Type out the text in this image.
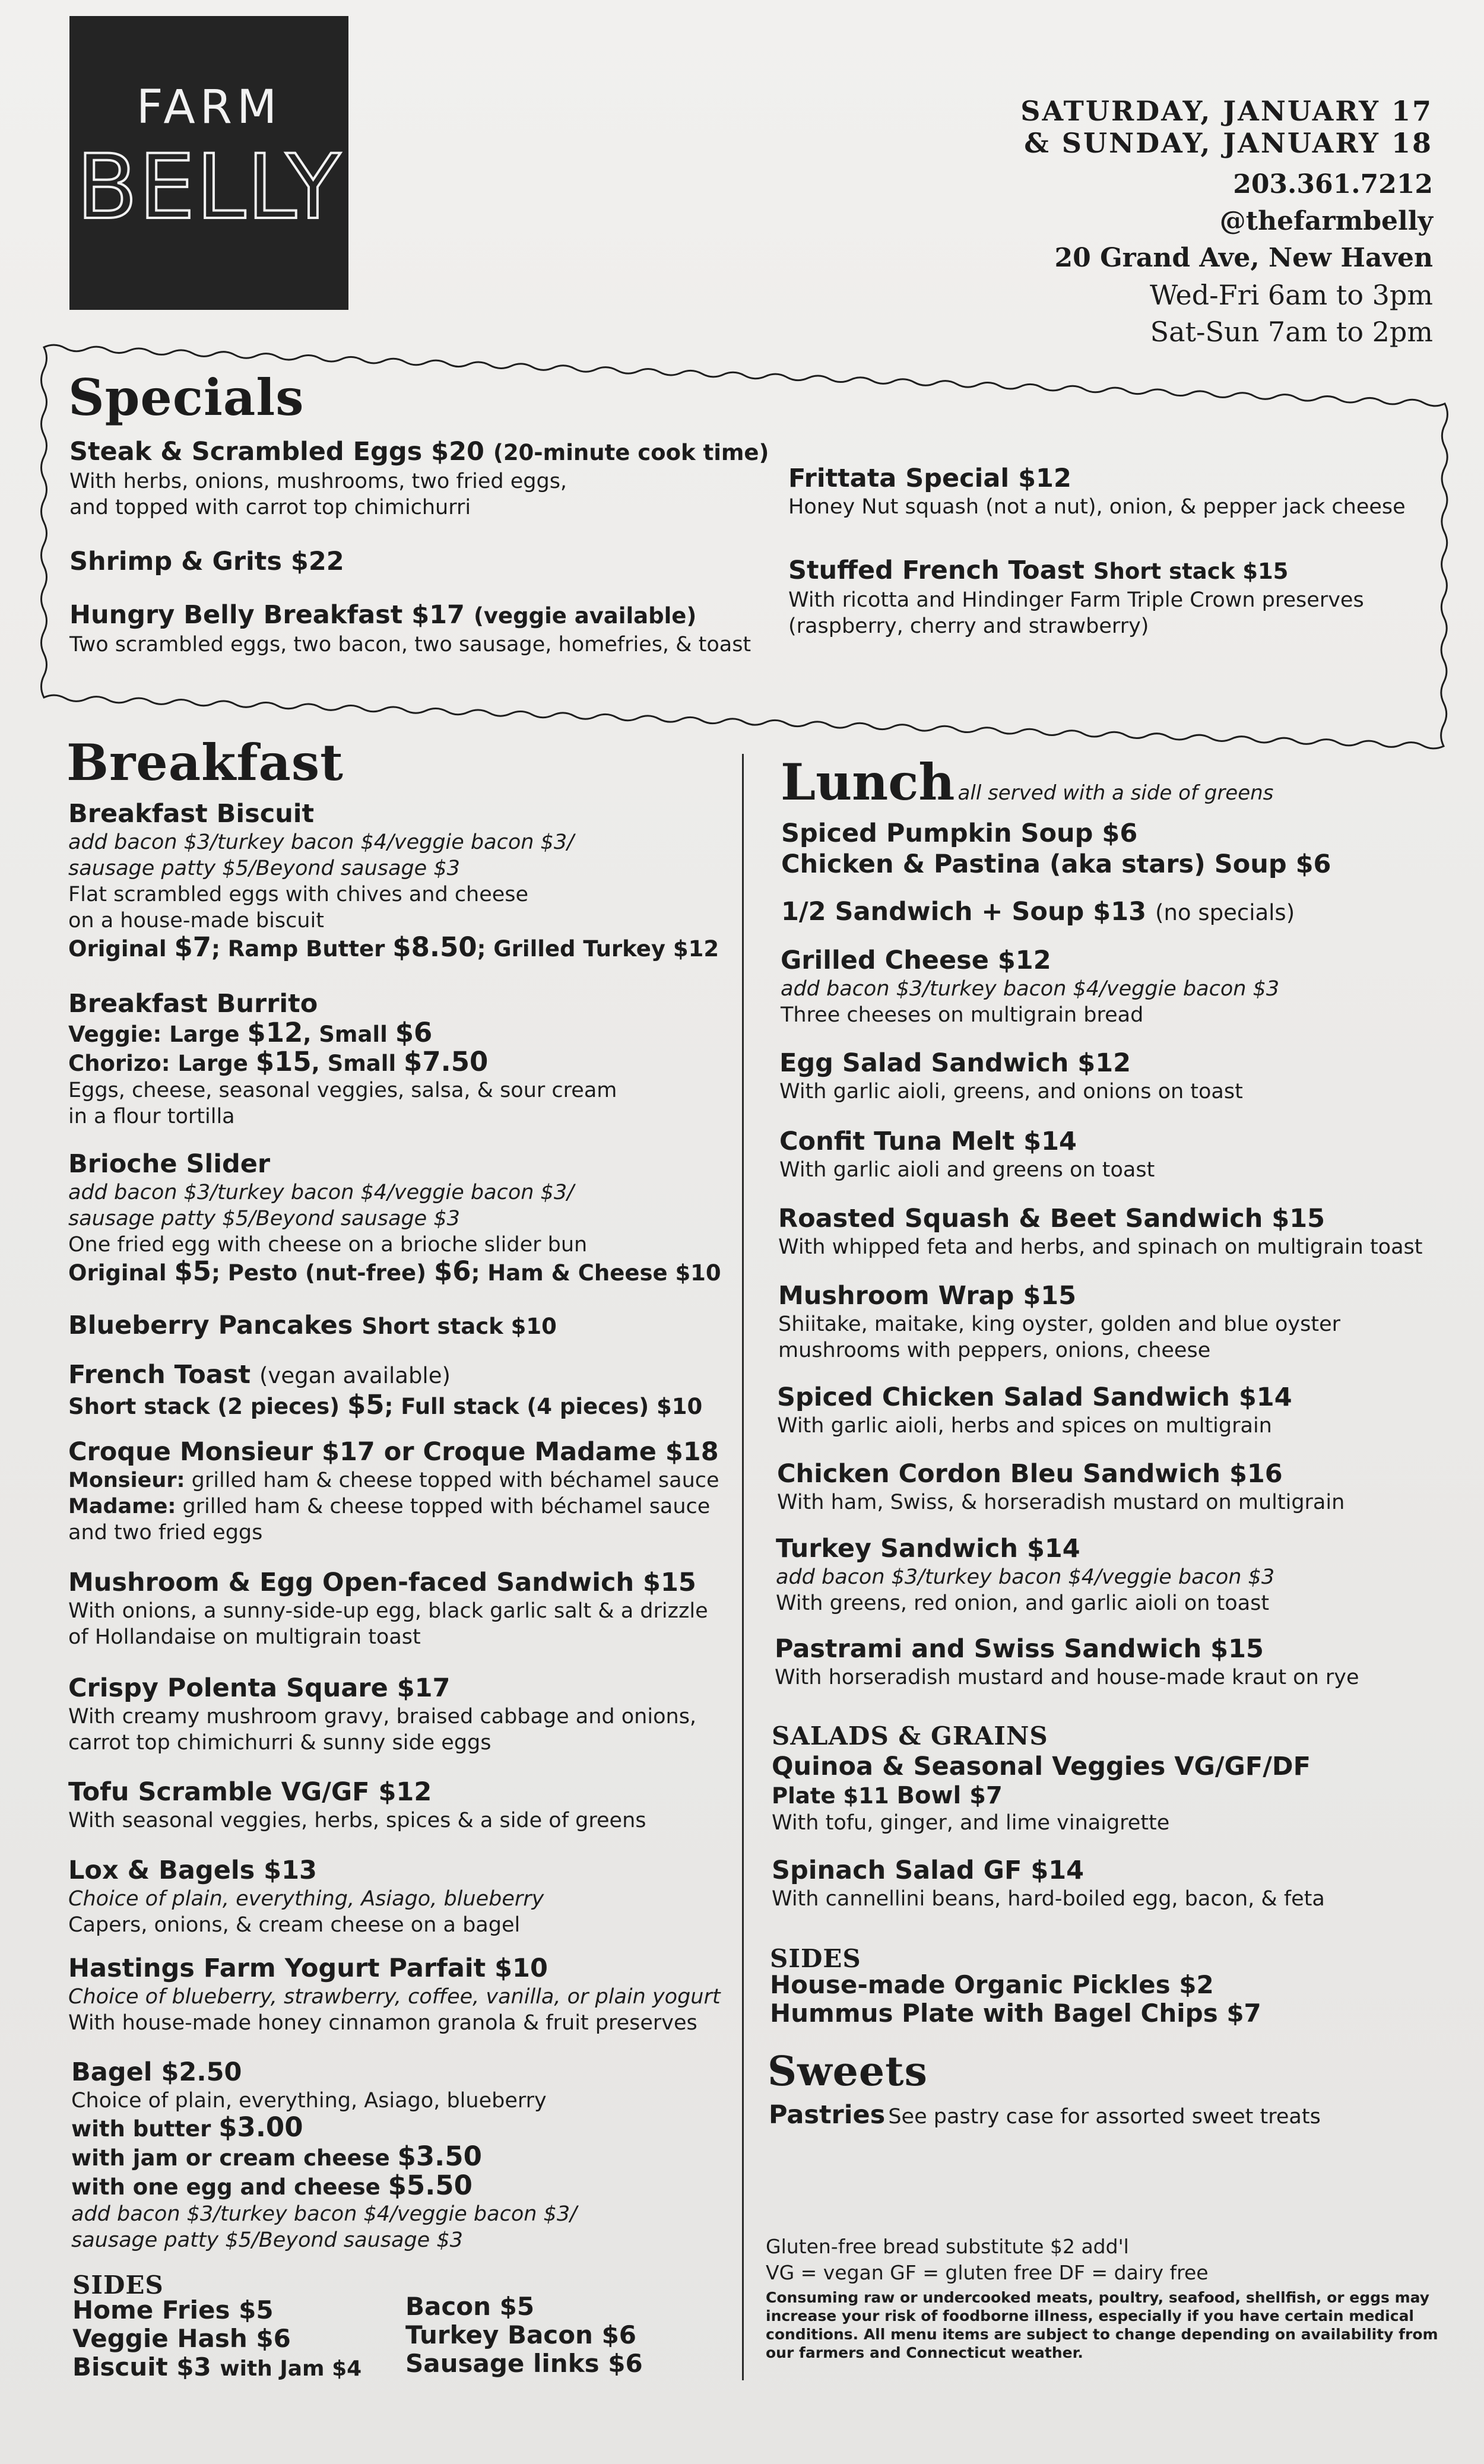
FARM
BELLY
SATURDAY, JANUARY 17
& SUNDAY, JANUARY 18
203.361.7212
@thefarmbelly
20 Grand Ave, New Haven
Wed-Fri 6am to 3pm
Sat-Sun 7am to 2pm
Specials
Steak & Scrambled Eggs $20 (20-minute cook time)
With herbs, onions, mushrooms, two fried eggs,
and topped with carrot top chimichurri
Shrimp & Grits $22
Hungry Belly Breakfast $17 (veggie available)
Two scrambled eggs, two bacon, two sausage, homefries, & toast
Frittata Special $12
Honey Nut squash (not a nut), onion, & pepper jack cheese
Stuffed French Toast Short stack $15
With ricotta and Hindinger Farm Triple Crown preserves
(raspberry, cherry and strawberry)
Breakfast
Breakfast Biscuit
add bacon $3/turkey bacon $4/veggie bacon $3/
sausage patty $5/Beyond sausage $3
Flat scrambled eggs with chives and cheese
on a house-made biscuit
Original $7; Ramp Butter $8.50; Grilled Turkey $12
Breakfast Burrito
Veggie: Large $12, Small $6
Chorizo: Large $15, Small $7.50
Eggs, cheese, seasonal veggies, salsa, & sour cream
in a flour tortilla
Brioche Slider
add bacon $3/turkey bacon $4/veggie bacon $3/
sausage patty $5/Beyond sausage $3
One fried egg with cheese on a brioche slider bun
Original $5; Pesto (nut-free) $6; Ham & Cheese $10
Blueberry Pancakes Short stack $10
French Toast (vegan available)
Short stack (2 pieces) $5; Full stack (4 pieces) $10
Croque Monsieur $17 or Croque Madame $18
Monsieur: grilled ham & cheese topped with béchamel sauce
Madame: grilled ham & cheese topped with béchamel sauce
and two fried eggs
Mushroom & Egg Open-faced Sandwich $15
With onions, a sunny-side-up egg, black garlic salt & a drizzle
of Hollandaise on multigrain toast
Crispy Polenta Square $17
With creamy mushroom gravy, braised cabbage and onions,
carrot top chimichurri & sunny side eggs
Tofu Scramble VG/GF $12
With seasonal veggies, herbs, spices & a side of greens
Lox & Bagels $13
Choice of plain, everything, Asiago, blueberry
Capers, onions, & cream cheese on a bagel
Hastings Farm Yogurt Parfait $10
Choice of blueberry, strawberry, coffee, vanilla, or plain yogurt
With house-made honey cinnamon granola & fruit preserves
Bagel $2.50
Choice of plain, everything, Asiago, blueberry
with butter $3.00
with jam or cream cheese $3.50
with one egg and cheese $5.50
add bacon $3/turkey bacon $4/veggie bacon $3/
sausage patty $5/Beyond sausage $3
SIDES
Home Fries $5
Veggie Hash $6
Biscuit $3 with Jam $4
Bacon $5
Turkey Bacon $6
Sausage links $6
Lunch all served with a side of greens
Spiced Pumpkin Soup $6
Chicken & Pastina (aka stars) Soup $6
1/2 Sandwich + Soup $13 (no specials)
Grilled Cheese $12
add bacon $3/turkey bacon $4/veggie bacon $3
Three cheeses on multigrain bread
Egg Salad Sandwich $12
With garlic aioli, greens, and onions on toast
Confit Tuna Melt $14
With garlic aioli and greens on toast
Roasted Squash & Beet Sandwich $15
With whipped feta and herbs, and spinach on multigrain toast
Mushroom Wrap $15
Shiitake, maitake, king oyster, golden and blue oyster
mushrooms with peppers, onions, cheese
Spiced Chicken Salad Sandwich $14
With garlic aioli, herbs and spices on multigrain
Chicken Cordon Bleu Sandwich $16
With ham, Swiss, & horseradish mustard on multigrain
Turkey Sandwich $14
add bacon $3/turkey bacon $4/veggie bacon $3
With greens, red onion, and garlic aioli on toast
Pastrami and Swiss Sandwich $15
With horseradish mustard and house-made kraut on rye
SALADS & GRAINS
Quinoa & Seasonal Veggies VG/GF/DF
Plate $11 Bowl $7
With tofu, ginger, and lime vinaigrette
Spinach Salad GF $14
With cannellini beans, hard-boiled egg, bacon, & feta
SIDES
House-made Organic Pickles $2
Hummus Plate with Bagel Chips $7
Sweets
Pastries See pastry case for assorted sweet treats
Gluten-free bread substitute $2 add'l
VG = vegan GF = gluten free DF = dairy free
Consuming raw or undercooked meats, poultry, seafood, shellfish, or eggs may
increase your risk of foodborne illness, especially if you have certain medical
conditions. All menu items are subject to change depending on availability from
our farmers and Connecticut weather.
